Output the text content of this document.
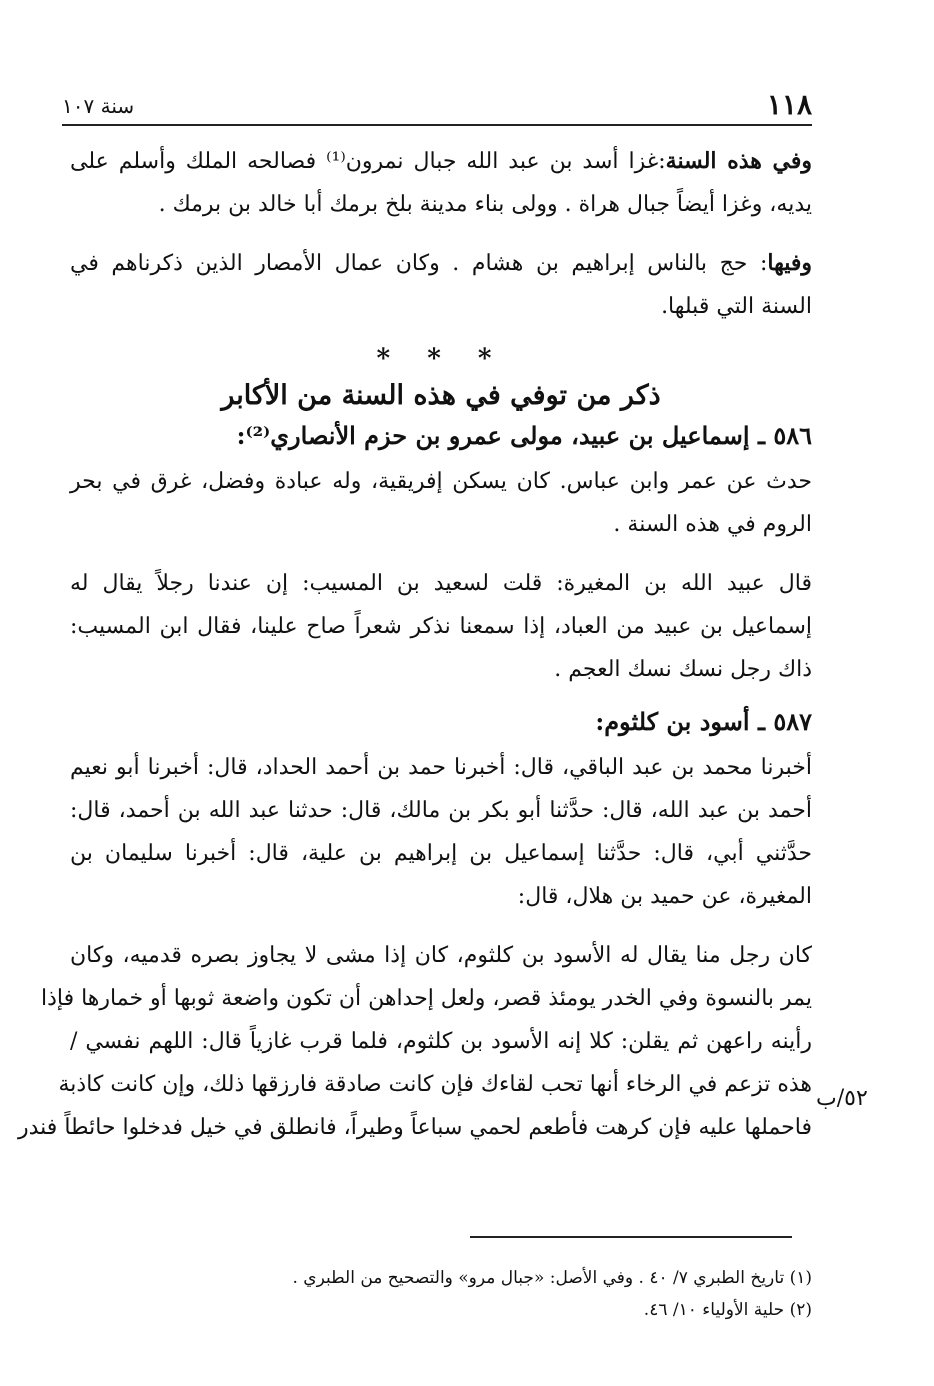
١١٨
سنة ١٠٧

وفي هذه السنة:غزا أسد بن عبد الله جبال نمرون⁽¹⁾ فصالحه الملك وأسلم على

يديه، وغزا أيضاً جبال هراة . وولى بناء مدينة بلخ برمك أبا خالد بن برمك .

وفيها: حج بالناس إبراهيم بن هشام . وكان عمال الأمصار الذين ذكرناهم في

السنة التي قبلها.

* * *
ذكر من توفي في هذه السنة من الأكابر
٥٨٦ ـ إسماعيل بن عبيد، مولى عمرو بن حزم الأنصاري⁽²⁾:

حدث عن عمر وابن عباس. كان يسكن إفريقية، وله عبادة وفضل، غرق في بحر

الروم في هذه السنة .

قال عبيد الله بن المغيرة: قلت لسعيد بن المسيب: إن عندنا رجلاً يقال له

إسماعيل بن عبيد من العباد، إذا سمعنا نذكر شعراً صاح علينا، فقال ابن المسيب:

ذاك رجل نسك نسك العجم .

٥٨٧ ـ أسود بن كلثوم:

أخبرنا محمد بن عبد الباقي، قال: أخبرنا حمد بن أحمد الحداد، قال: أخبرنا أبو نعيم

أحمد بن عبد الله، قال: حدَّثنا أبو بكر بن مالك، قال: حدثنا عبد الله بن أحمد، قال:

حدَّثني أبي، قال: حدَّثنا إسماعيل بن إبراهيم بن علية، قال: أخبرنا سليمان بن

المغيرة، عن حميد بن هلال، قال:

كان رجل منا يقال له الأسود بن كلثوم، كان إذا مشى لا يجاوز بصره قدميه، وكان

يمر بالنسوة وفي الخدر يومئذ قصر، ولعل إحداهن أن تكون واضعة ثوبها أو خمارها فإذا

رأينه راعهن ثم يقلن: كلا إنه الأسود بن كلثوم، فلما قرب غازياً قال: اللهم نفسي /

هذه تزعم في الرخاء أنها تحب لقاءك فإن كانت صادقة فارزقها ذلك، وإن كانت كاذبة

فاحملها عليه فإن كرهت فأطعم لحمي سباعاً وطيراً، فانطلق في خيل فدخلوا حائطاً فندر

٥٢/ب

(١) تاريخ الطبري ٧/ ٤٠ . وفي الأصل: «جبال مرو» والتصحيح من الطبري .

(٢) حلية الأولياء ١٠/ ٤٦.
